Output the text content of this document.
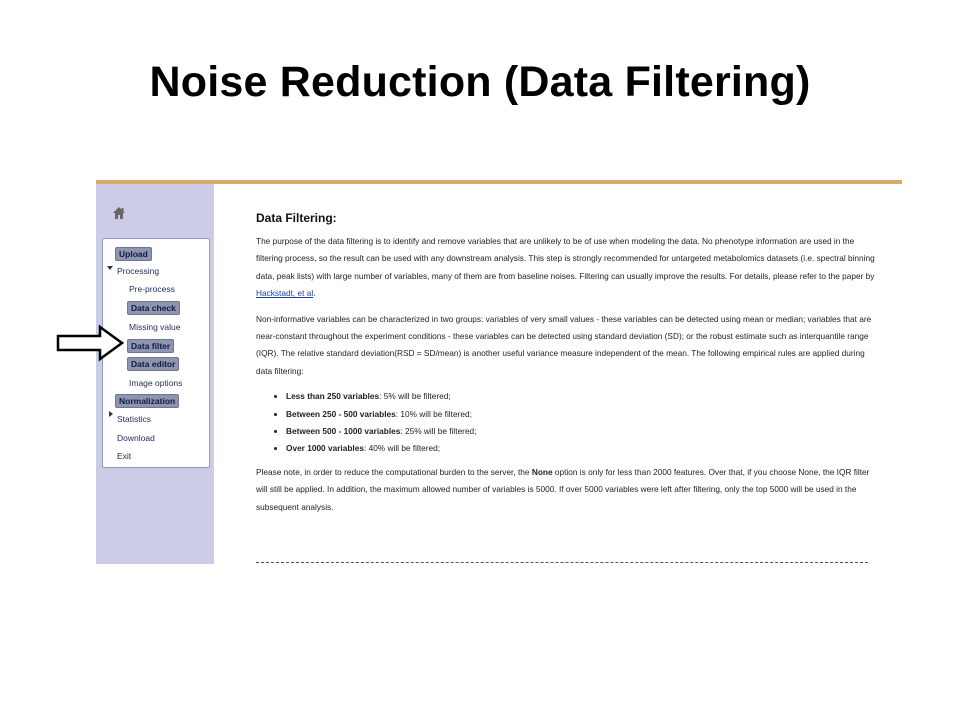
Noise Reduction (Data Filtering)
Upload
Processing
Pre-process
Data check
Missing value
Data filter
Data editor
Image options
Normalization
Statistics
Download
Exit
Data Filtering:

The purpose of the data filtering is to identify and remove variables that are unlikely to be of use when modeling the data. No phenotype information are used in the filtering process, so the result can be used with any downstream analysis. This step is strongly recommended for untargeted metabolomics datasets (i.e. spectral binning data, peak lists) with large number of variables, many of them are from baseline noises. Filtering can usually improve the results. For details, please refer to the paper by Hackstadt, et al.

Non-informative variables can be characterized in two groups: variables of very small values - these variables can be detected using mean or median; variables that are near-constant throughout the experiment conditions - these variables can be detected using standard deviation (SD); or the robust estimate such as interquantile range (IQR). The relative standard deviation(RSD = SD/mean) is another useful variance measure independent of the mean. The following empirical rules are applied during data filtering:

• Less than 250 variables: 5% will be filtered;
• Between 250 - 500 variables: 10% will be filtered;
• Between 500 - 1000 variables: 25% will be filtered;
• Over 1000 variables: 40% will be filtered;

Please note, in order to reduce the computational burden to the server, the None option is only for less than 2000 features. Over that, if you choose None, the IQR filter will still be applied. In addition, the maximum allowed number of variables is 5000. If over 5000 variables were left after filtering, only the top 5000 will be used in the subsequent analysis.
